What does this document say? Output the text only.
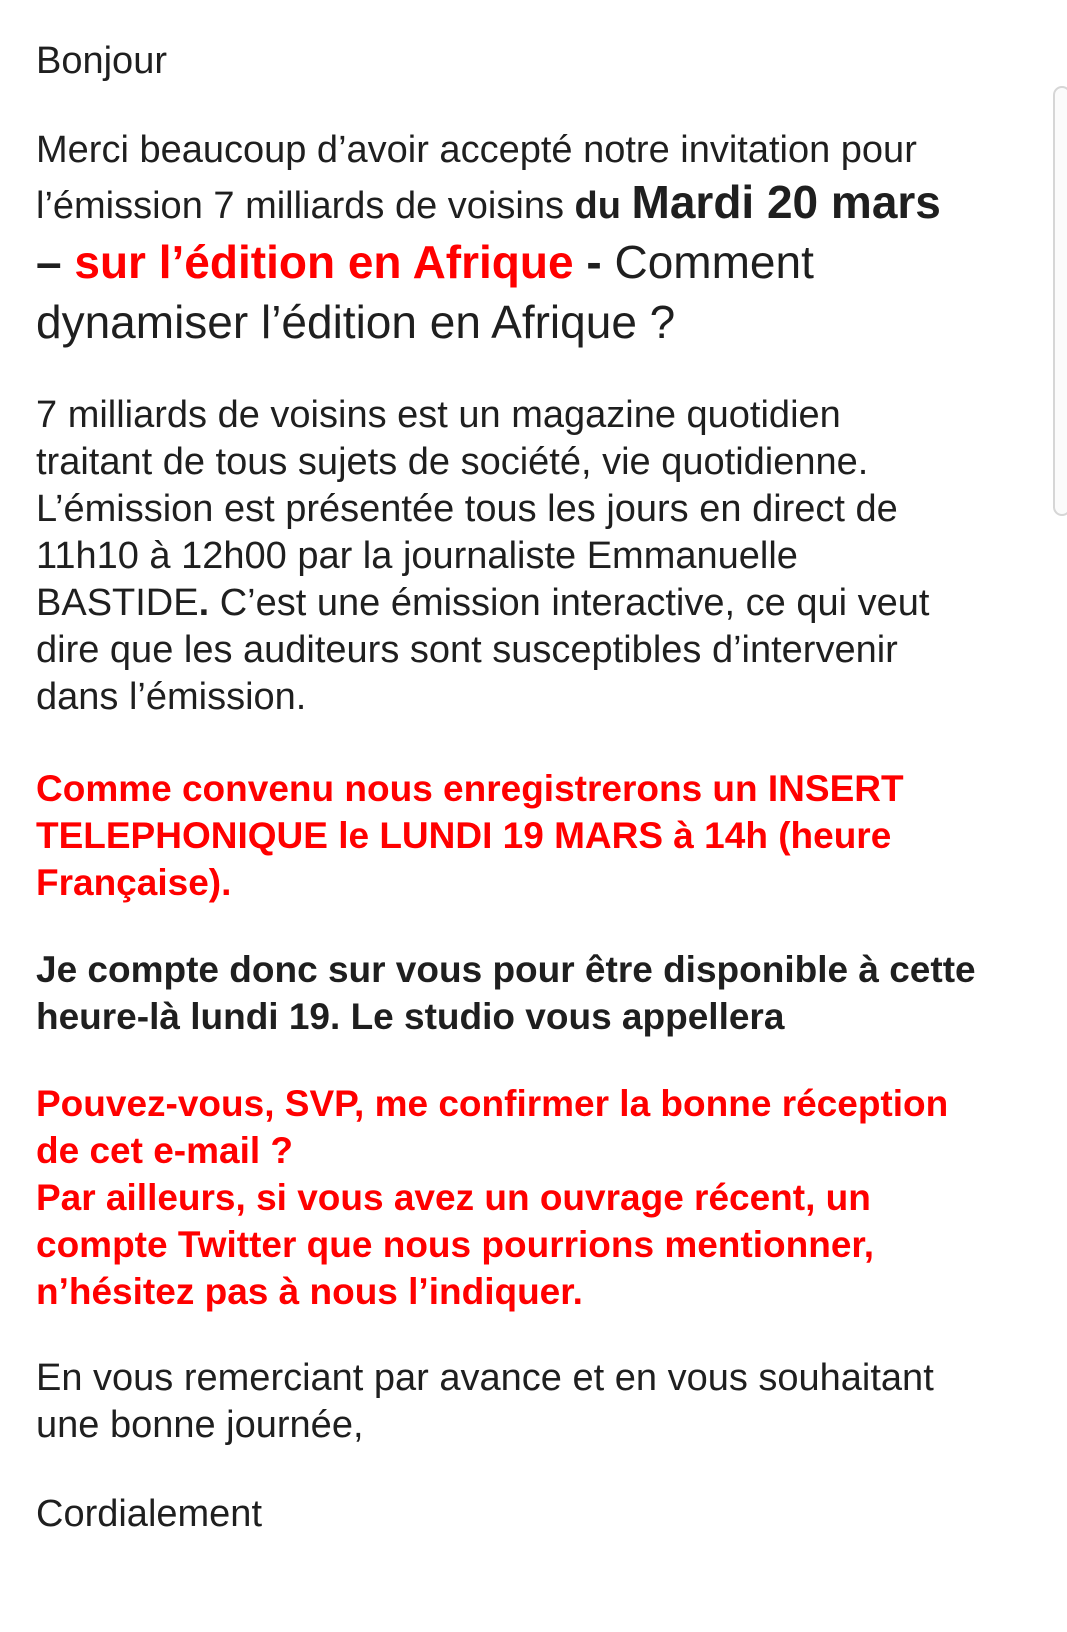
Bonjour

Merci beaucoup d’avoir accepté notre invitation pour
l’émission 7 milliards de voisins du Mardi 20 mars
– sur l’édition en Afrique - Comment
dynamiser l’édition en Afrique ?

7 milliards de voisins est un magazine quotidien
traitant de tous sujets de société, vie quotidienne.
L’émission est présentée tous les jours en direct de
11h10 à 12h00 par la journaliste Emmanuelle
BASTIDE. C’est une émission interactive, ce qui veut
dire que les auditeurs sont susceptibles d’intervenir
dans l’émission.

Comme convenu nous enregistrerons un INSERT
TELEPHONIQUE le LUNDI 19 MARS à 14h (heure
Française).

Je compte donc sur vous pour être disponible à cette
heure-là lundi 19. Le studio vous appellera

Pouvez-vous, SVP, me confirmer la bonne réception
de cet e-mail ?
Par ailleurs, si vous avez un ouvrage récent, un
compte Twitter que nous pourrions mentionner,
n’hésitez pas à nous l’indiquer.

En vous remerciant par avance et en vous souhaitant
une bonne journée,

Cordialement
